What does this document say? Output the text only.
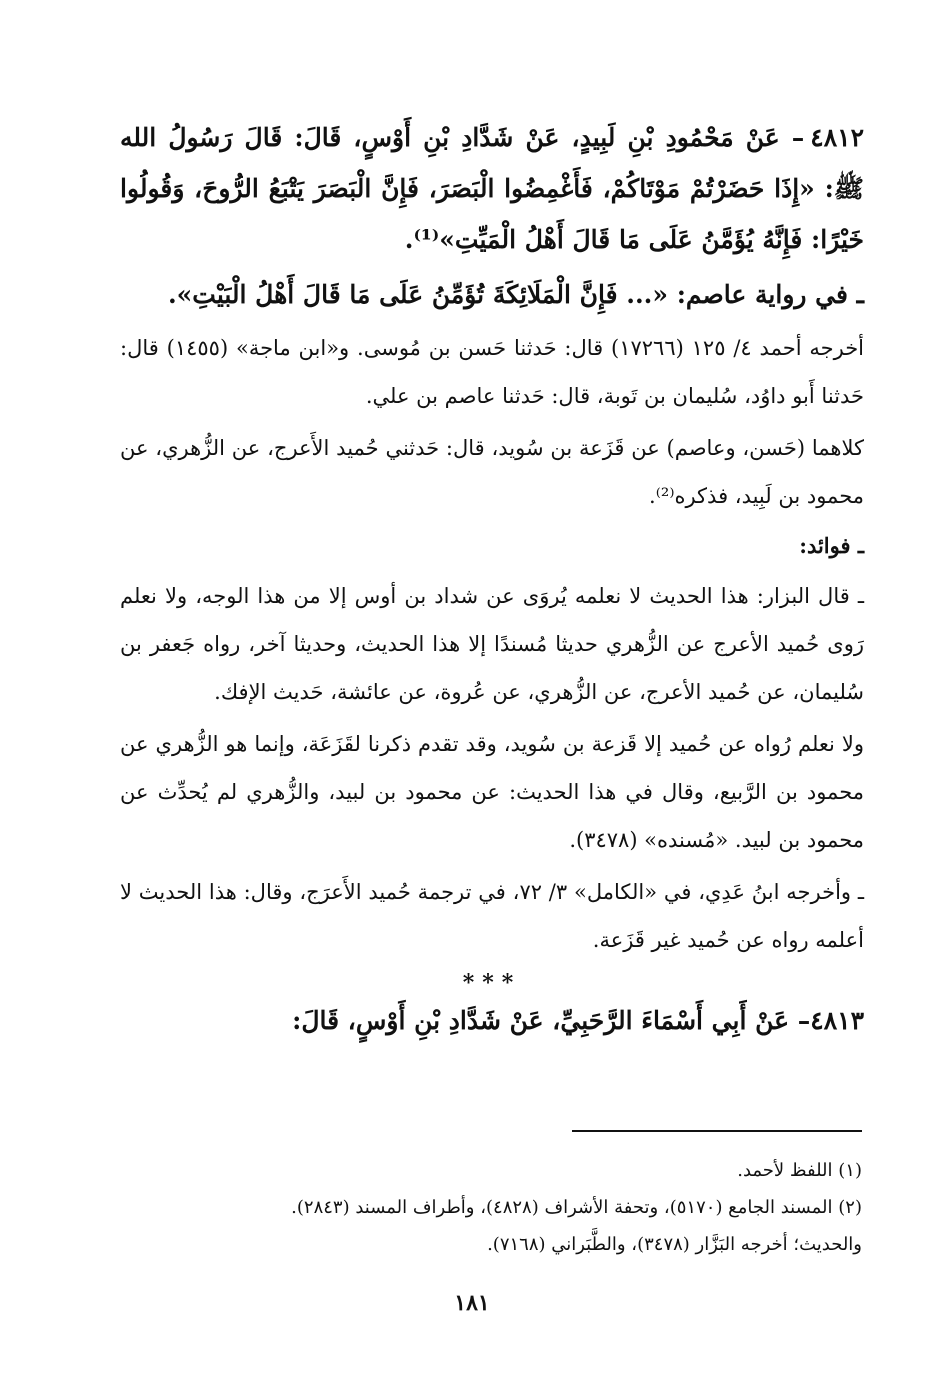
٤٨١٢– عَنْ مَحْمُودِ بْنِ لَبِيدٍ، عَنْ شَدَّادِ بْنِ أَوْسٍ، قَالَ: قَالَ رَسُولُ الله ﷺ: «إِذَا حَضَرْتُمْ مَوْتَاكُمْ، فَأَغْمِضُوا الْبَصَرَ، فَإِنَّ الْبَصَرَ يَتْبَعُ الرُّوحَ، وَقُولُوا خَيْرًا: فَإِنَّهُ يُؤَمَّنُ عَلَى مَا قَالَ أَهْلُ الْمَيِّتِ»⁽¹⁾.

ـ في رواية عاصم: «... فَإِنَّ الْمَلَائِكَةَ تُؤَمِّنُ عَلَى مَا قَالَ أَهْلُ الْبَيْتِ».

أخرجه أحمد ٤/ ١٢٥ (١٧٢٦٦) قال: حَدثنا حَسن بن مُوسى. و«ابن ماجة» (١٤٥٥) قال: حَدثنا أَبو داوُد، سُليمان بن تَوبة، قال: حَدثنا عاصم بن علي.

كلاهما (حَسن، وعاصم) عن قَزَعة بن سُويد، قال: حَدثني حُميد الأَعرج، عن الزُّهري، عن محمود بن لَبِيد، فذكره⁽²⁾.

ـ فوائد:

ـ قال البزار: هذا الحديث لا نعلمه يُروَى عن شداد بن أوس إلا من هذا الوجه، ولا نعلم رَوى حُميد الأعرج عن الزُّهري حديثا مُسندًا إلا هذا الحديث، وحديثا آخر، رواه جَعفر بن سُليمان، عن حُميد الأعرج، عن الزُّهري، عن عُروة، عن عائشة، حَديث الإفك.

ولا نعلم رُواه عن حُميد إلا قَزعة بن سُويد، وقد تقدم ذكرنا لقَزَعَة، وإنما هو الزُّهري عن محمود بن الرَّبيع، وقال في هذا الحديث: عن محمود بن لبيد، والزُّهري لم يُحدِّث عن محمود بن لبيد. «مُسنده» (٣٤٧٨).

ـ وأخرجه ابنُ عَدِي، في «الكامل» ٣/ ٧٢، في ترجمة حُميد الأَعرَج، وقال: هذا الحديث لا أعلمه رواه عن حُميد غير قَزَعة.

***

٤٨١٣– عَنْ أَبِي أَسْمَاءَ الرَّحَبِيِّ، عَنْ شَدَّادِ بْنِ أَوْسٍ، قَالَ:

(١) اللفظ لأحمد.

(٢) المسند الجامع (٥١٧٠)، وتحفة الأشراف (٤٨٢٨)، وأطراف المسند (٢٨٤٣).

والحديث؛ أخرجه البَزَّار (٣٤٧٨)، والطَّبَراني (٧١٦٨).

١٨١
